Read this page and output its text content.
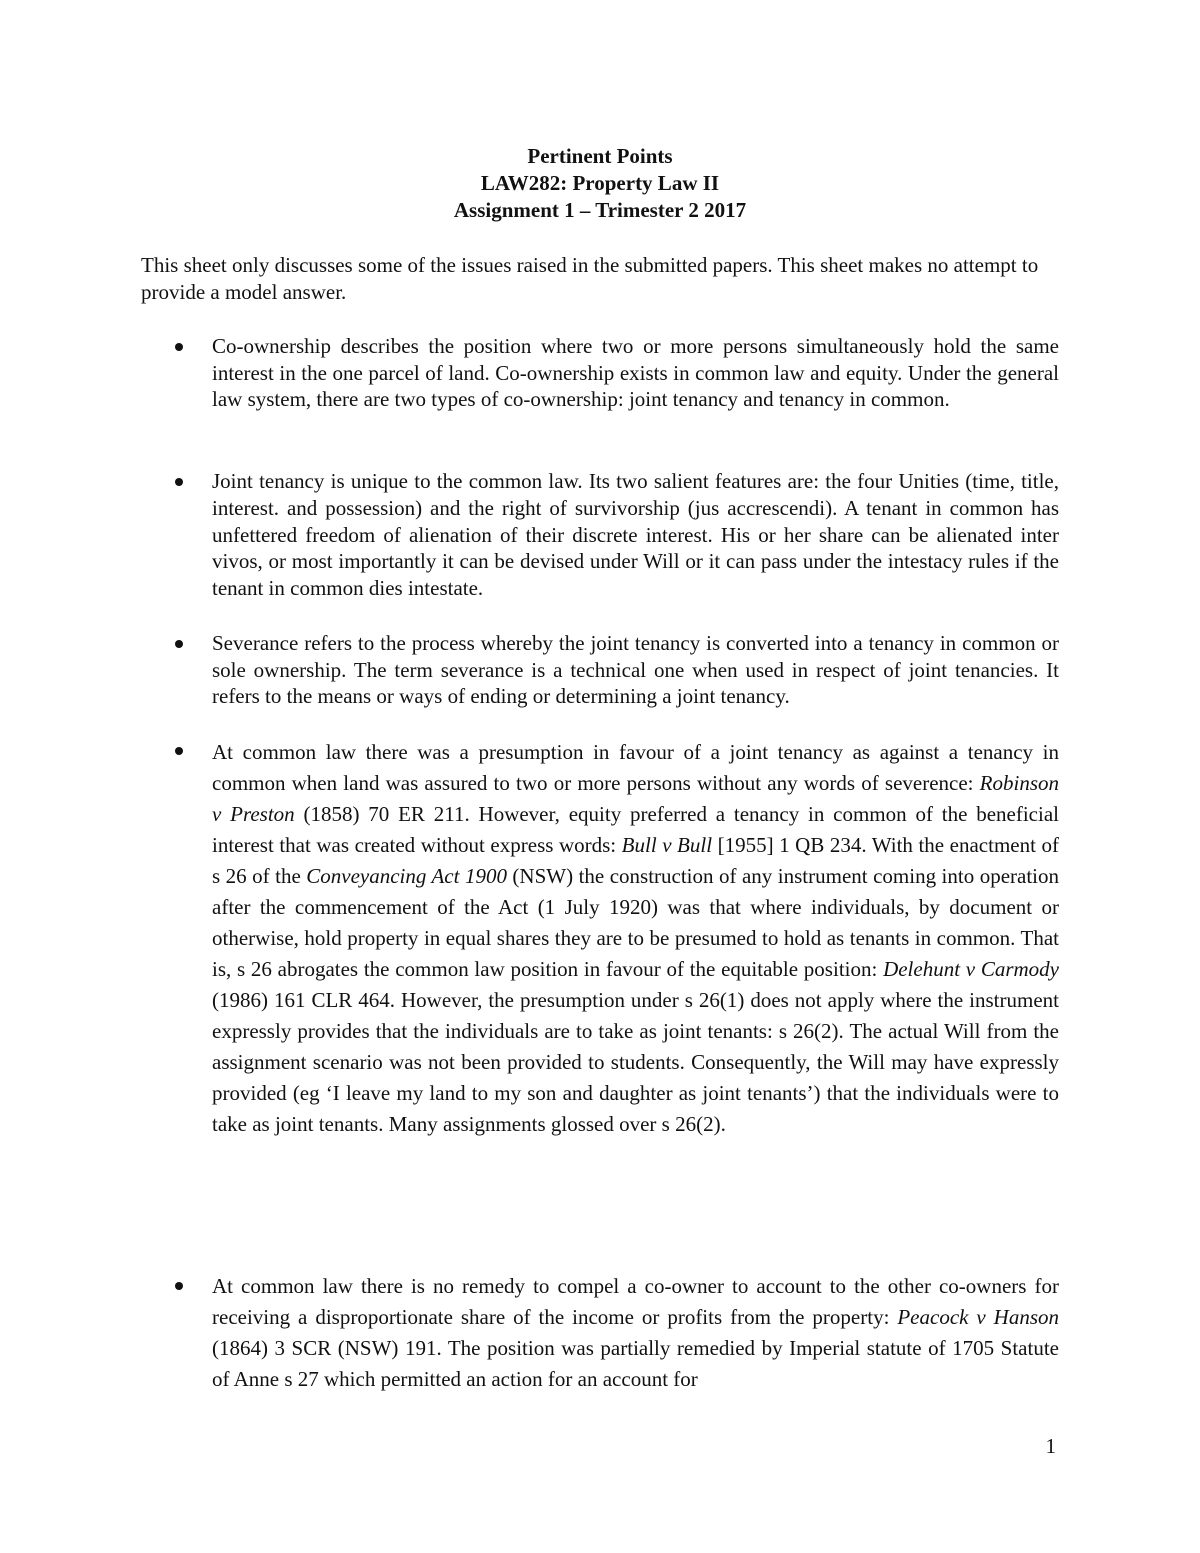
Pertinent Points
LAW282: Property Law II
Assignment 1 – Trimester 2 2017

This sheet only discusses some of the issues raised in the submitted papers. This sheet makes no attempt to provide a model answer.

Co-ownership describes the position where two or more persons simultaneously hold the same interest in the one parcel of land. Co-ownership exists in common law and equity. Under the general law system, there are two types of co-ownership: joint tenancy and tenancy in common.

Joint tenancy is unique to the common law. Its two salient features are: the four Unities (time, title, interest. and possession) and the right of survivorship (jus accrescendi). A tenant in common has unfettered freedom of alienation of their discrete interest. His or her share can be alienated inter vivos, or most importantly it can be devised under Will or it can pass under the intestacy rules if the tenant in common dies intestate.

Severance refers to the process whereby the joint tenancy is converted into a tenancy in common or sole ownership. The term severance is a technical one when used in respect of joint tenancies. It refers to the means or ways of ending or determining a joint tenancy.

At common law there was a presumption in favour of a joint tenancy as against a tenancy in common when land was assured to two or more persons without any words of severence: Robinson v Preston (1858) 70 ER 211. However, equity preferred a tenancy in common of the beneficial interest that was created without express words: Bull v Bull [1955] 1 QB 234. With the enactment of s 26 of the Conveyancing Act 1900 (NSW) the construction of any instrument coming into operation after the commencement of the Act (1 July 1920) was that where individuals, by document or otherwise, hold property in equal shares they are to be presumed to hold as tenants in common. That is, s 26 abrogates the common law position in favour of the equitable position: Delehunt v Carmody (1986) 161 CLR 464. However, the presumption under s 26(1) does not apply where the instrument expressly provides that the individuals are to take as joint tenants: s 26(2). The actual Will from the assignment scenario was not been provided to students. Consequently, the Will may have expressly provided (eg ‘I leave my land to my son and daughter as joint tenants’) that the individuals were to take as joint tenants. Many assignments glossed over s 26(2).

At common law there is no remedy to compel a co-owner to account to the other co-owners for receiving a disproportionate share of the income or profits from the property: Peacock v Hanson (1864) 3 SCR (NSW) 191. The position was partially remedied by Imperial statute of 1705 Statute of Anne s 27 which permitted an action for an account for

1
